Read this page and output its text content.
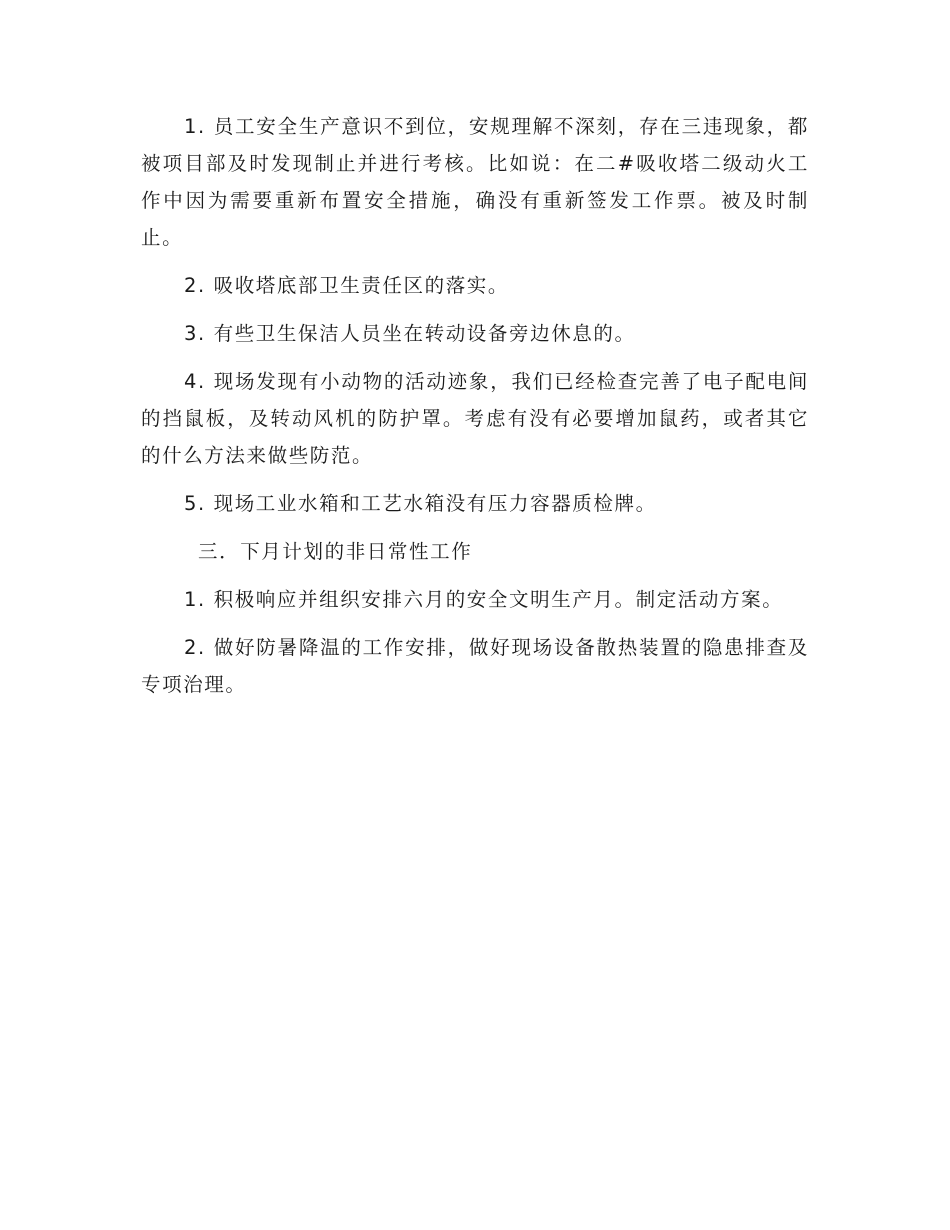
1. 员工安全生产意识不到位，安规理解不深刻，存在三违现象，都被项目部及时发现制止并进行考核。比如说：在二#吸收塔二级动火工作中因为需要重新布置安全措施，确没有重新签发工作票。被及时制止。

2. 吸收塔底部卫生责任区的落实。

3. 有些卫生保洁人员坐在转动设备旁边休息的。

4. 现场发现有小动物的活动迹象，我们已经检查完善了电子配电间的挡鼠板，及转动风机的防护罩。考虑有没有必要增加鼠药，或者其它的什么方法来做些防范。

5. 现场工业水箱和工艺水箱没有压力容器质检牌。

三．下月计划的非日常性工作

1. 积极响应并组织安排六月的安全文明生产月。制定活动方案。

2. 做好防暑降温的工作安排，做好现场设备散热装置的隐患排查及专项治理。
